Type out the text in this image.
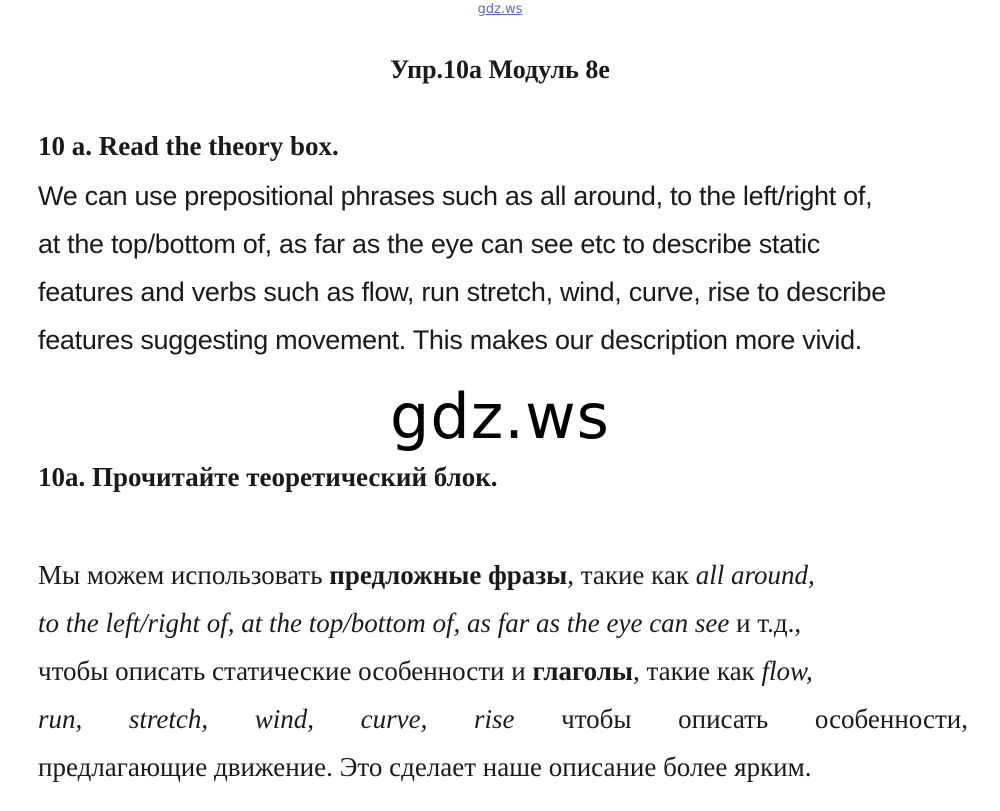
gdz.ws
Упр.10a Модуль 8e
10 a. Read the theory box.
We can use prepositional phrases such as all around, to the left/right of,
at the top/bottom of, as far as the eye can see etc to describe static
features and verbs such as flow, run stretch, wind, curve, rise to describe
features suggesting movement. This makes our description more vivid.
gdz.ws
10a. Прочитайте теоретический блок.
Мы можем использовать предложные фразы , такие как all around,
to the left/right of, at the top/bottom of, as far as the eye can see и т.д.,
чтобы описать статические особенности и глаголы , такие как flow,
run, stretch, wind, curve, rise чтобы описать особенности,
предлагающие движение. Это сделает наше описание более ярким.
